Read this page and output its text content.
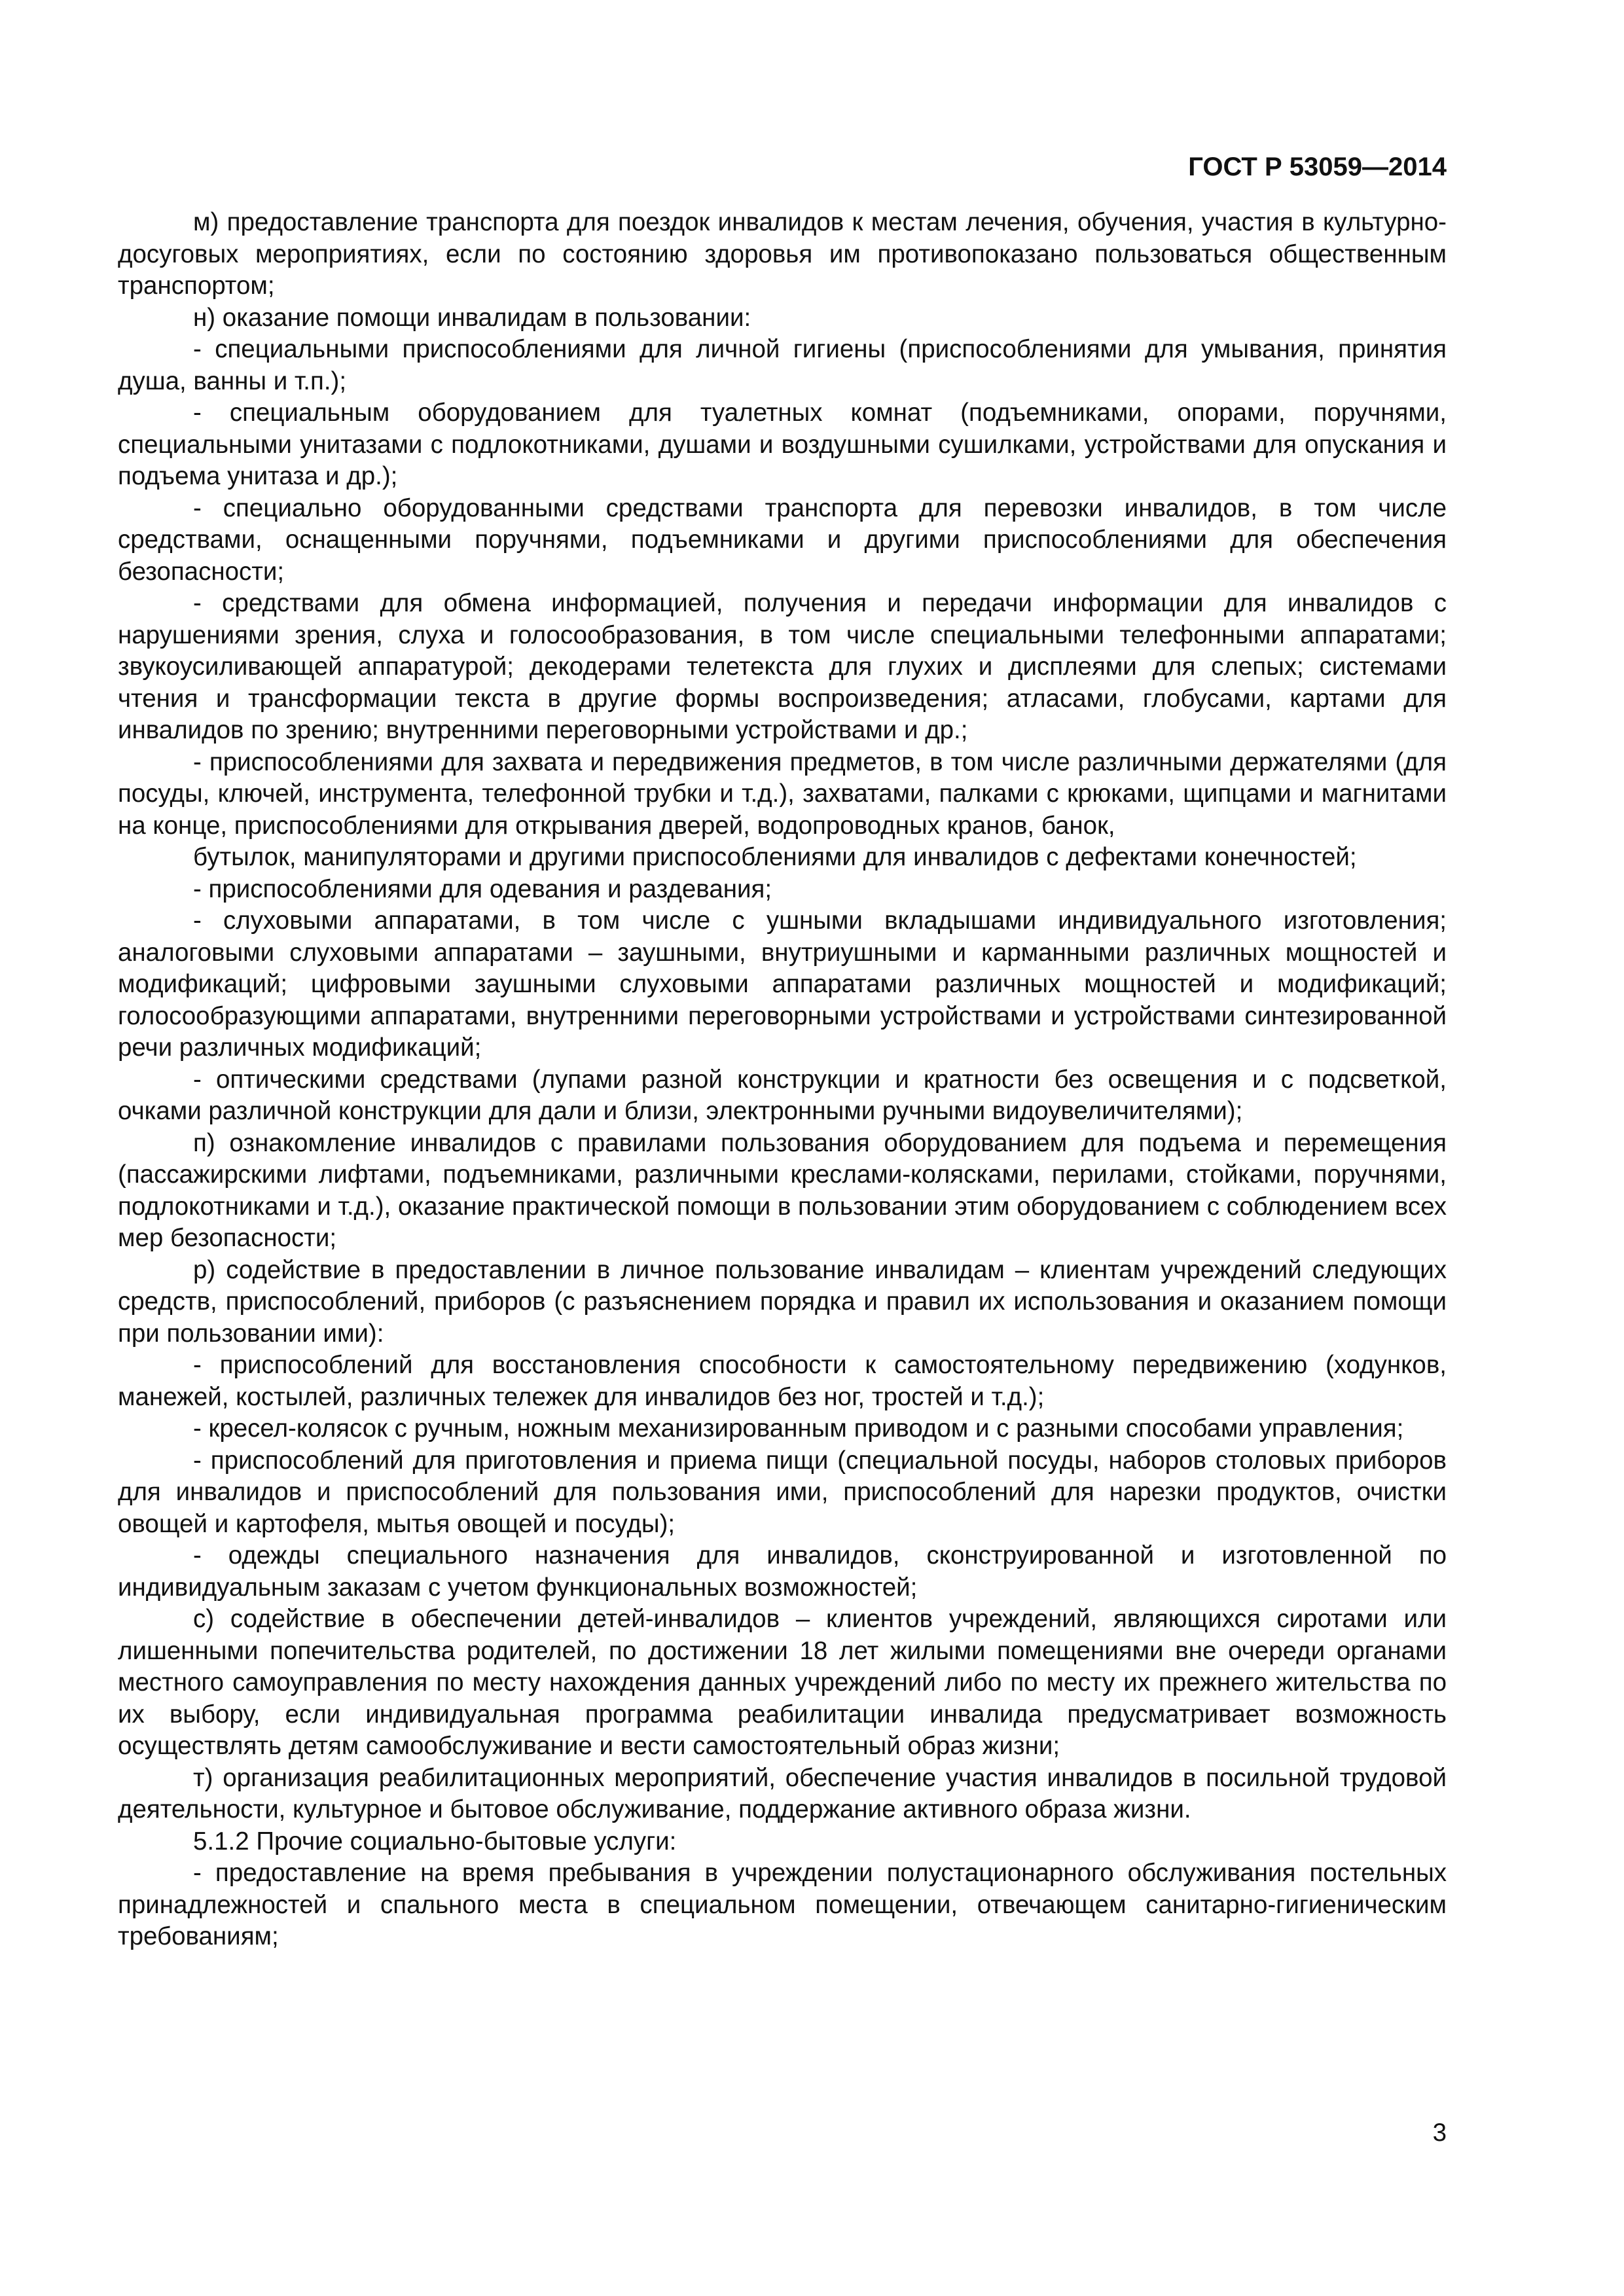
ГОСТ Р 53059—2014

м) предоставление транспорта для поездок инвалидов к местам лечения, обучения, участия в культурно-досуговых мероприятиях, если по состоянию здоровья им противопоказано пользоваться общественным транспортом;

н) оказание помощи инвалидам в пользовании:

- специальными приспособлениями для личной гигиены (приспособлениями для умывания, принятия душа, ванны и т.п.);

- специальным оборудованием для туалетных комнат (подъемниками, опорами, поручнями, специальными унитазами с подлокотниками, душами и воздушными сушилками, устройствами для опускания и подъема унитаза и др.);

- специально оборудованными средствами транспорта для перевозки инвалидов, в том числе средствами, оснащенными поручнями, подъемниками и другими приспособлениями для обеспечения безопасности;

- средствами для обмена информацией, получения и передачи информации для инвалидов с нарушениями зрения, слуха и голосообразования, в том числе специальными телефонными аппаратами; звукоусиливающей аппаратурой; декодерами телетекста для глухих и дисплеями для слепых; системами чтения и трансформации текста в другие формы воспроизведения; атласами, глобусами, картами для инвалидов по зрению; внутренними переговорными устройствами и др.;

- приспособлениями для захвата и передвижения предметов, в том числе различными держателями (для посуды, ключей, инструмента, телефонной трубки и т.д.), захватами, палками с крюками, щипцами и магнитами на конце, приспособлениями для открывания дверей, водопроводных кранов, банок,

бутылок, манипуляторами и другими приспособлениями для инвалидов с дефектами конечностей;

- приспособлениями для одевания и раздевания;

- слуховыми аппаратами, в том числе с ушными вкладышами индивидуального изготовления; аналоговыми слуховыми аппаратами – заушными, внутриушными и карманными различных мощностей и модификаций; цифровыми заушными слуховыми аппаратами различных мощностей и модификаций; голосообразующими аппаратами, внутренними переговорными устройствами и устройствами синтезированной речи различных модификаций;

- оптическими средствами (лупами разной конструкции и кратности без освещения и с подсветкой, очками различной конструкции для дали и близи, электронными ручными видоувеличителями);

п) ознакомление инвалидов с правилами пользования оборудованием для подъема и перемещения (пассажирскими лифтами, подъемниками, различными креслами-колясками, перилами, стойками, поручнями, подлокотниками и т.д.), оказание практической помощи в пользовании этим оборудованием с соблюдением всех мер безопасности;

р) содействие в предоставлении в личное пользование инвалидам – клиентам учреждений следующих средств, приспособлений, приборов (с разъяснением порядка и правил их использования и оказанием помощи при пользовании ими):

- приспособлений для восстановления способности к самостоятельному передвижению (ходунков, манежей, костылей, различных тележек для инвалидов без ног, тростей и т.д.);

- кресел-колясок с ручным, ножным механизированным приводом и с разными способами управления;

- приспособлений для приготовления и приема пищи (специальной посуды, наборов столовых приборов для инвалидов и приспособлений для пользования ими, приспособлений для нарезки продуктов, очистки овощей и картофеля, мытья овощей и посуды);

- одежды специального назначения для инвалидов, сконструированной и изготовленной по индивидуальным заказам с учетом функциональных возможностей;

с) содействие в обеспечении детей-инвалидов – клиентов учреждений, являющихся сиротами или лишенными попечительства родителей, по достижении 18 лет жилыми помещениями вне очереди органами местного самоуправления по месту нахождения данных учреждений либо по месту их прежнего жительства по их выбору, если индивидуальная программа реабилитации инвалида предусматривает возможность осуществлять детям самообслуживание и вести самостоятельный образ жизни;

т) организация реабилитационных мероприятий, обеспечение участия инвалидов в посильной трудовой деятельности, культурное и бытовое обслуживание, поддержание активного образа жизни.

5.1.2 Прочие социально-бытовые услуги:

- предоставление на время пребывания в учреждении полустационарного обслуживания постельных принадлежностей и спального места в специальном помещении, отвечающем санитарно-гигиеническим требованиям;

3
